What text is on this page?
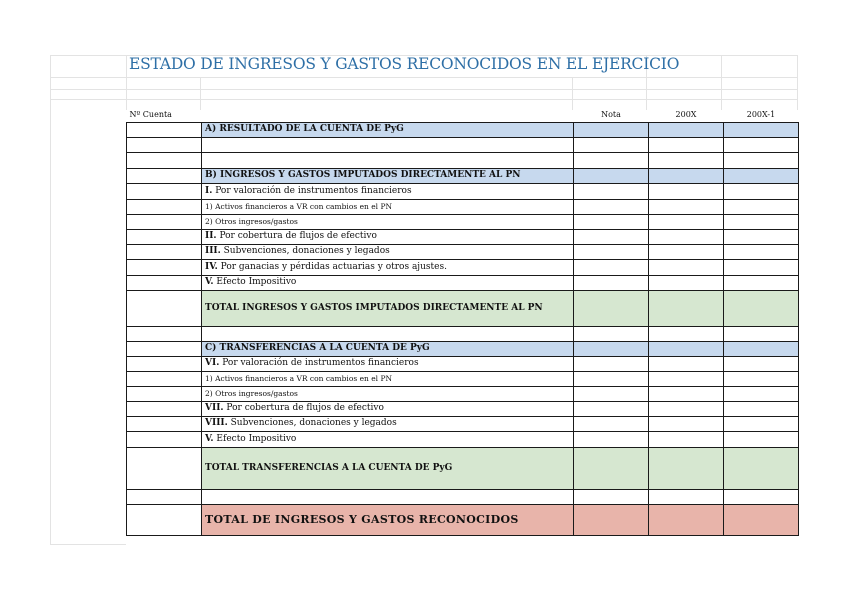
ESTADO DE INGRESOS Y GASTOS RECONOCIDOS EN EL EJERCICIO
Nº Cuenta		Nota	200X	200X-1
	A) RESULTADO DE LA CUENTA DE PyG			

	B) INGRESOS Y GASTOS IMPUTADOS DIRECTAMENTE AL PN			
	I. Por valoración de instrumentos financieros			
	1) Activos financieros a VR con cambios en el PN			
	2) Otros ingresos/gastos			
	II. Por cobertura de flujos de efectivo			
	III. Subvenciones, donaciones y legados			
	IV. Por ganacias y pérdidas actuarias y otros ajustes.			
	V. Efecto Impositivo			
	TOTAL INGRESOS Y GASTOS IMPUTADOS DIRECTAMENTE AL PN			

	C) TRANSFERENCIAS A LA CUENTA DE PyG			
	VI. Por valoración de instrumentos financieros			
	1) Activos financieros a VR con cambios en el PN			
	2) Otros ingresos/gastos			
	VII. Por cobertura de flujos de efectivo			
	VIII. Subvenciones, donaciones y legados			
	V. Efecto Impositivo			
	TOTAL TRANSFERENCIAS A LA CUENTA DE PyG			

	TOTAL DE INGRESOS Y GASTOS RECONOCIDOS			
